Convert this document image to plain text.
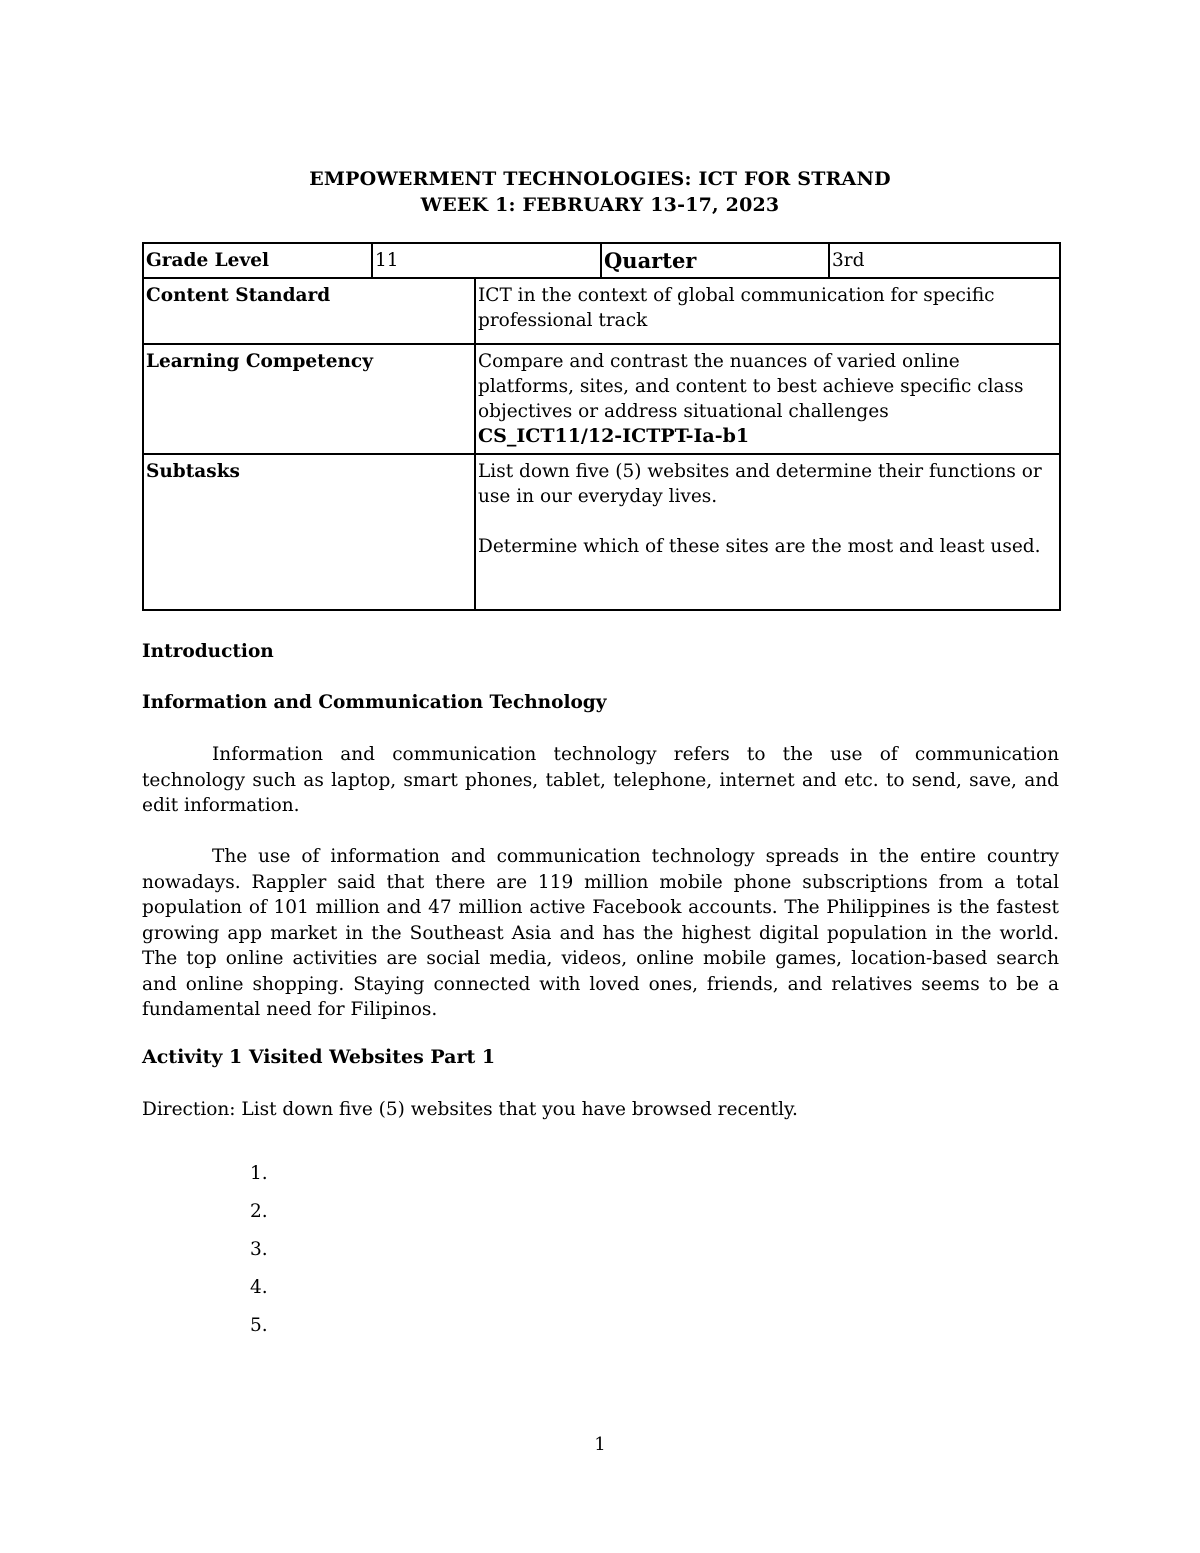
EMPOWERMENT TECHNOLOGIES: ICT FOR STRAND
WEEK 1: FEBRUARY 13-17, 2023
Grade Level	11		Quarter	3rd
Content Standard		ICT in the context of global communication for specific professional track		
Learning Competency		Compare and contrast the nuances of varied online platforms, sites, and content to best achieve specific class objectives or address situational challenges
CS_ICT11/12-ICTPT-Ia-b1		

Subtasks		List down five (5) websites and determine their functions or use in our everyday lives.
Determine which of these sites are the most and least used.		
Introduction
Information and Communication Technology
Information and communication technology refers to the use of communication technology such as laptop, smart phones, tablet, telephone, internet and etc. to send, save, and edit information.
The use of information and communication technology spreads in the entire country nowadays. Rappler said that there are 119 million mobile phone subscriptions from a total population of 101 million and 47 million active Facebook accounts. The Philippines is the fastest growing app market in the Southeast Asia and has the highest digital population in the world. The top online activities are social media, videos, online mobile games, location-based search and online shopping. Staying connected with loved ones, friends, and relatives seems to be a fundamental need for Filipinos.
Activity 1 Visited Websites Part 1
Direction: List down five (5) websites that you have browsed recently.
1.
2.
3.
4.
5.
1
